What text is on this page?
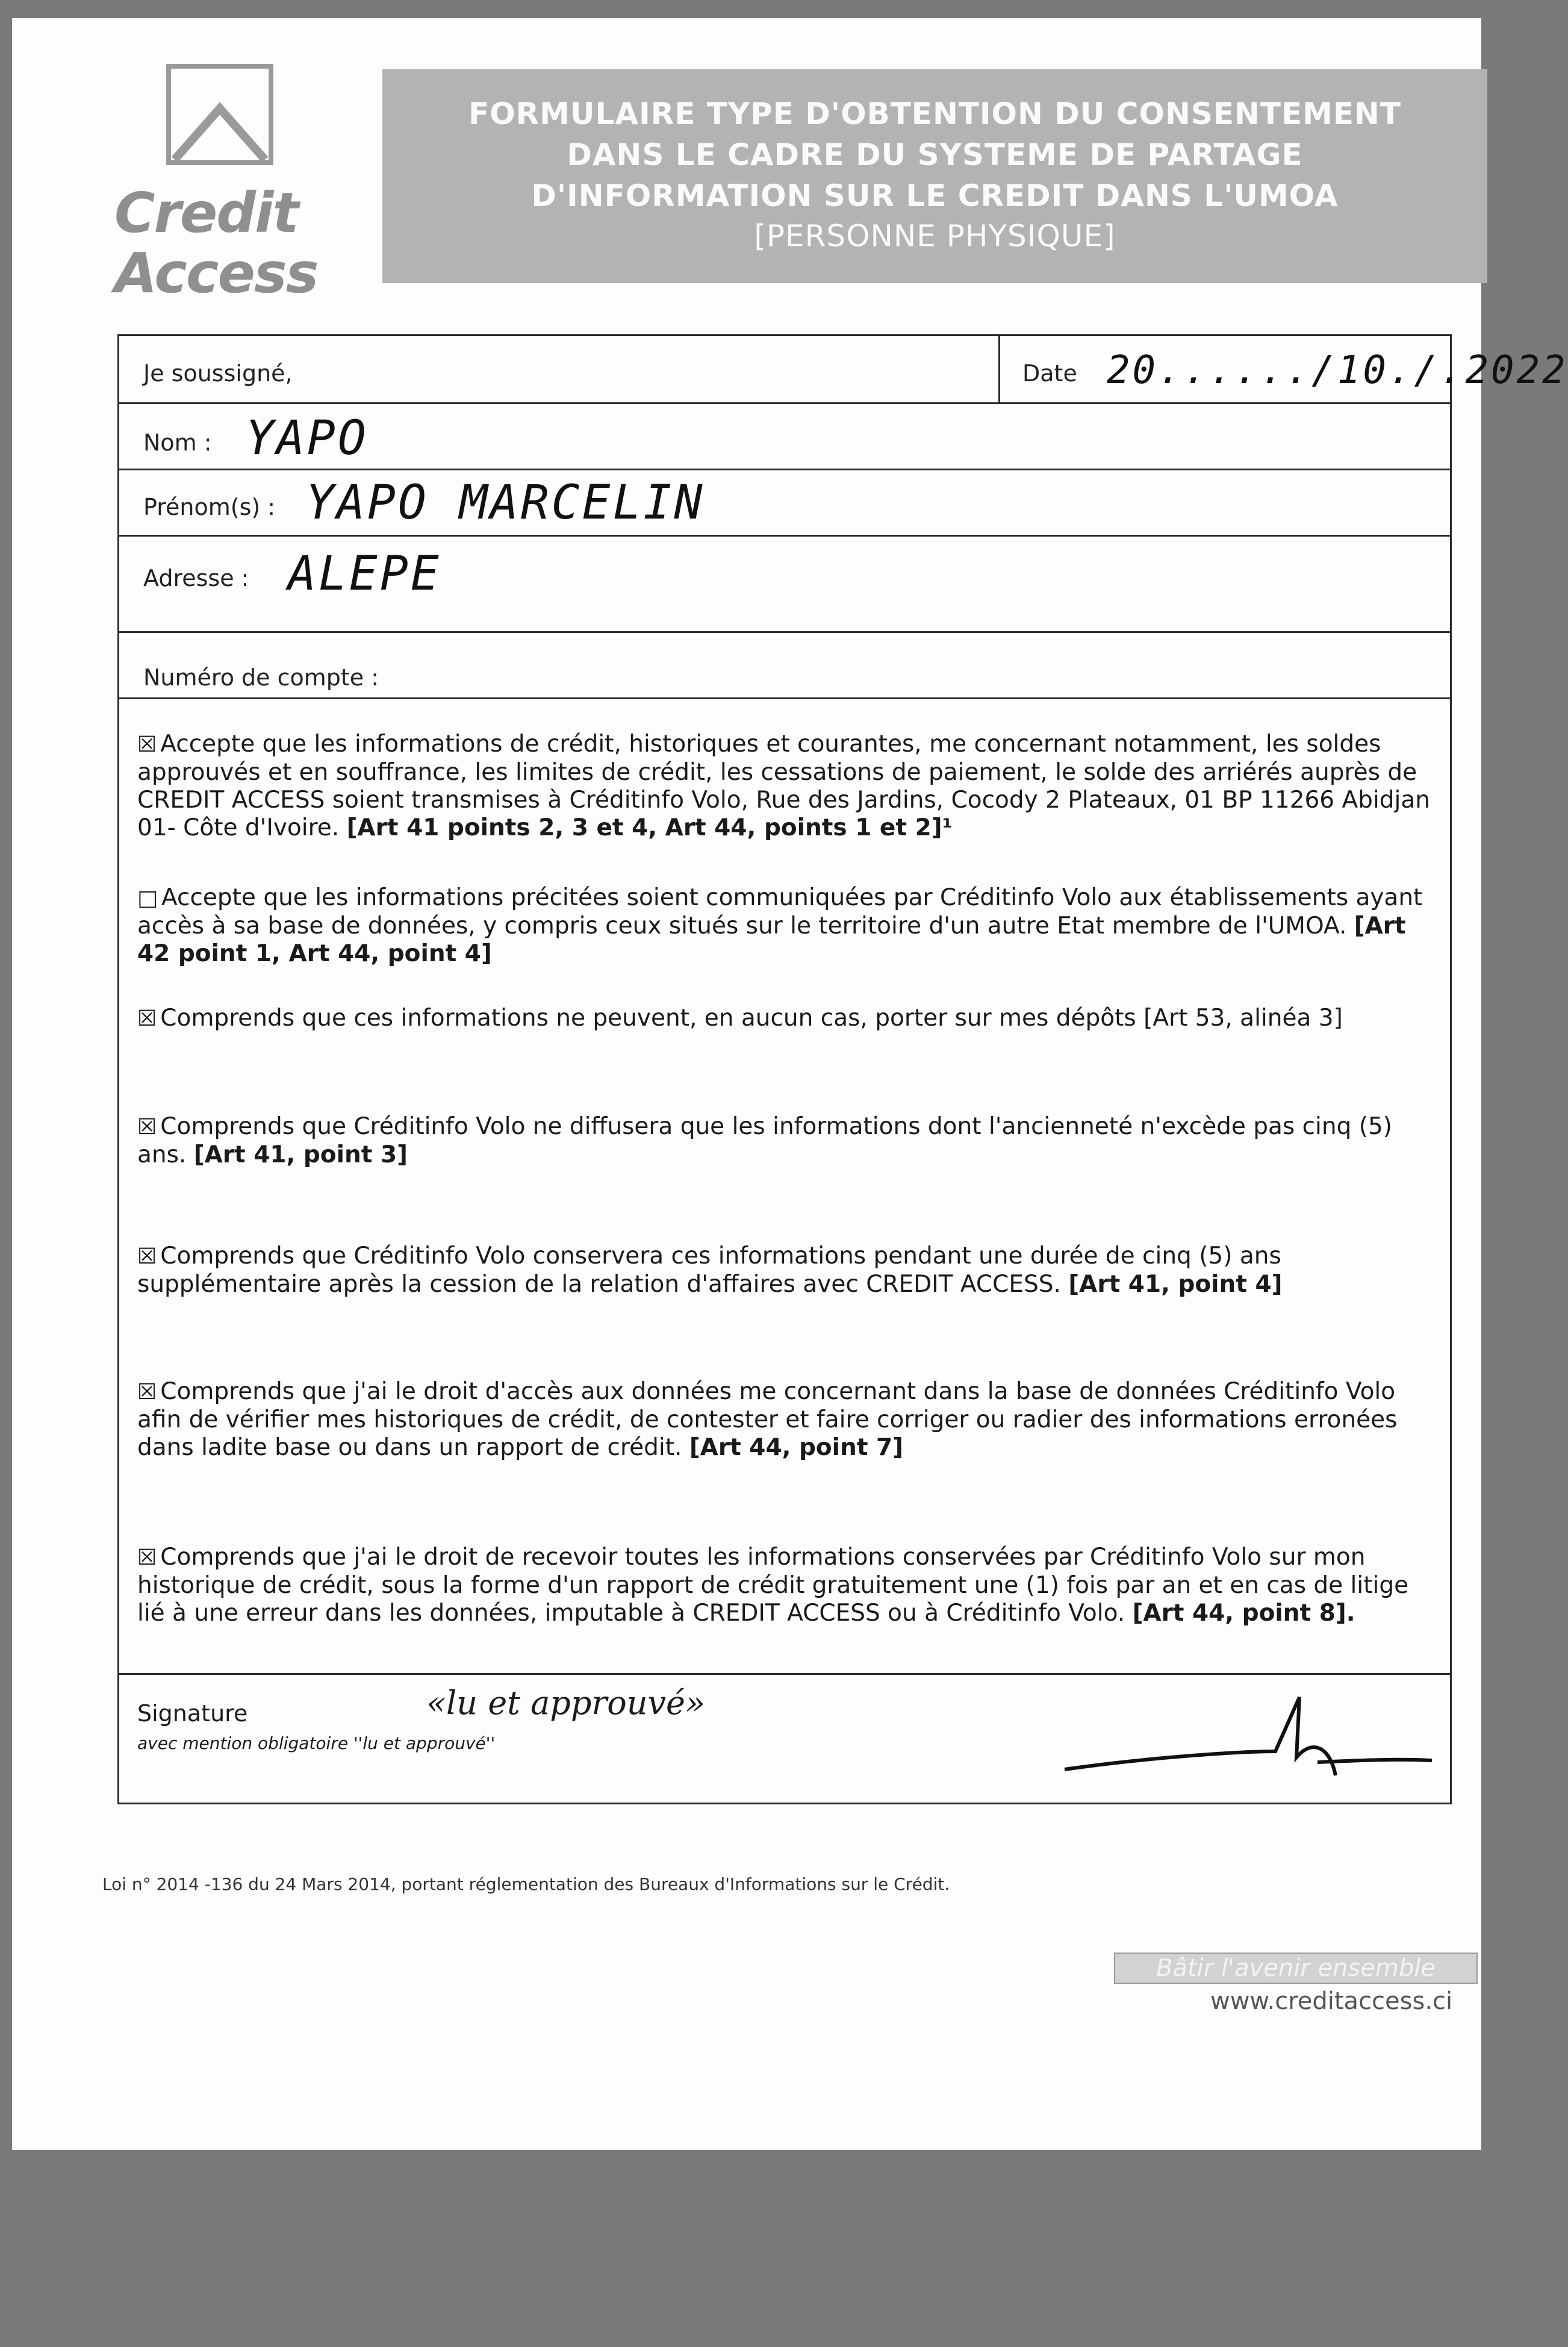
Credit
Access
FORMULAIRE TYPE D'OBTENTION DU CONSENTEMENT
DANS LE CADRE DU SYSTEME DE PARTAGE
D'INFORMATION SUR LE CREDIT DANS L'UMOA
[PERSONNE PHYSIQUE]
Je soussigné,	Date 20....../10./.2022
Nom : YAPO
Prénom(s) : YAPO MARCELIN
Adresse : ALEPE
Numéro de compte :
☒ Accepte que les informations de crédit, historiques et courantes, me concernant notamment, les soldes approuvés et en souffrance, les limites de crédit, les cessations de paiement, le solde des arriérés auprès de CREDIT ACCESS soient transmises à Créditinfo Volo, Rue des Jardins, Cocody 2 Plateaux, 01 BP 11266 Abidjan 01- Côte d'Ivoire. [Art 41 points 2, 3 et 4, Art 44, points 1 et 2]¹
□ Accepte que les informations précitées soient communiquées par Créditinfo Volo aux établissements ayant accès à sa base de données, y compris ceux situés sur le territoire d'un autre Etat membre de l'UMOA. [Art 42 point 1, Art 44, point 4]
☒ Comprends que ces informations ne peuvent, en aucun cas, porter sur mes dépôts [Art 53, alinéa 3]
☒ Comprends que Créditinfo Volo ne diffusera que les informations dont l'ancienneté n'excède pas cinq (5) ans. [Art 41, point 3]
☒ Comprends que Créditinfo Volo conservera ces informations pendant une durée de cinq (5) ans supplémentaire après la cession de la relation d'affaires avec CREDIT ACCESS. [Art 41, point 4]
☒ Comprends que j'ai le droit d'accès aux données me concernant dans la base de données Créditinfo Volo afin de vérifier mes historiques de crédit, de contester et faire corriger ou radier des informations erronées dans ladite base ou dans un rapport de crédit. [Art 44, point 7]
☒ Comprends que j'ai le droit de recevoir toutes les informations conservées par Créditinfo Volo sur mon historique de crédit, sous la forme d'un rapport de crédit gratuitement une (1) fois par an et en cas de litige lié à une erreur dans les données, imputable à CREDIT ACCESS ou à Créditinfo Volo. [Art 44, point 8].
Signature
avec mention obligatoire ''lu et approuvé''
«lu et approuvé»
Loi n° 2014 -136 du 24 Mars 2014, portant réglementation des Bureaux d'Informations sur le Crédit.
Bâtir l'avenir ensemble
www.creditaccess.ci
